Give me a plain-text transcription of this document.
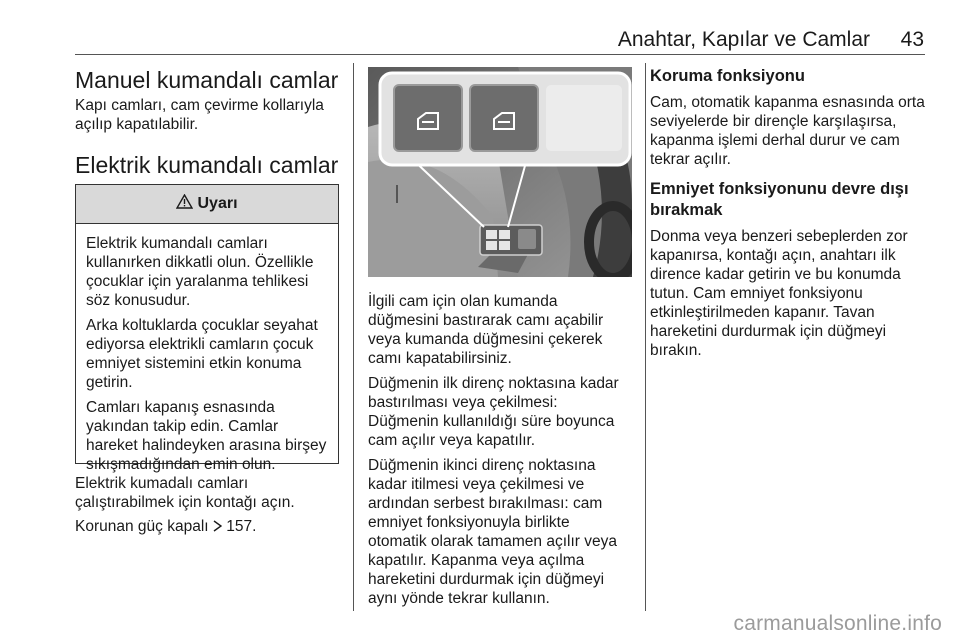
Anahtar, Kapılar ve Camlar 43
Manuel kumandalı camlar

Kapı camları, cam çevirme kollarıyla açılıp kapatılabilir.

Elektrik kumandalı camlar

Elektrik kumadalı camları çalıştırabilmek için kontağı açın.

Korunan güç kapalı 157.

Uyarı

Elektrik kumandalı camları kullanırken dikkatli olun. Özellikle çocuklar için yaralanma tehlikesi söz konusudur.

Arka koltuklarda çocuklar seyahat ediyorsa elektrikli camların çocuk emniyet sistemini etkin konuma getirin.

Camları kapanış esnasında yakından takip edin. Camlar hareket halindeyken arasına birşey sıkışmadığından emin olun.

İlgili cam için olan kumanda düğmesini bastırarak camı açabilir veya kumanda düğmesini çekerek camı kapatabilirsiniz.

Düğmenin ilk direnç noktasına kadar bastırılması veya çekilmesi: Düğmenin kullanıldığı süre boyunca cam açılır veya kapatılır.

Düğmenin ikinci direnç noktasına kadar itilmesi veya çekilmesi ve ardından serbest bırakılması: cam emniyet fonksiyonuyla birlikte otomatik olarak tamamen açılır veya kapatılır. Kapanma veya açılma hareketini durdurmak için düğmeyi aynı yönde tekrar kullanın.

Koruma fonksiyonu

Cam, otomatik kapanma esnasında orta seviyelerde bir dirençle karşılaşırsa, kapanma işlemi derhal durur ve cam tekrar açılır.

Emniyet fonksiyonunu devre dışı bırakmak

Donma veya benzeri sebeplerden zor kapanırsa, kontağı açın, anahtarı ilk dirence kadar getirin ve bu konumda tutun. Cam emniyet fonksiyonu etkinleştirilmeden kapanır. Tavan hareketini durdurmak için düğmeyi bırakın.

carmanualsonline.info
